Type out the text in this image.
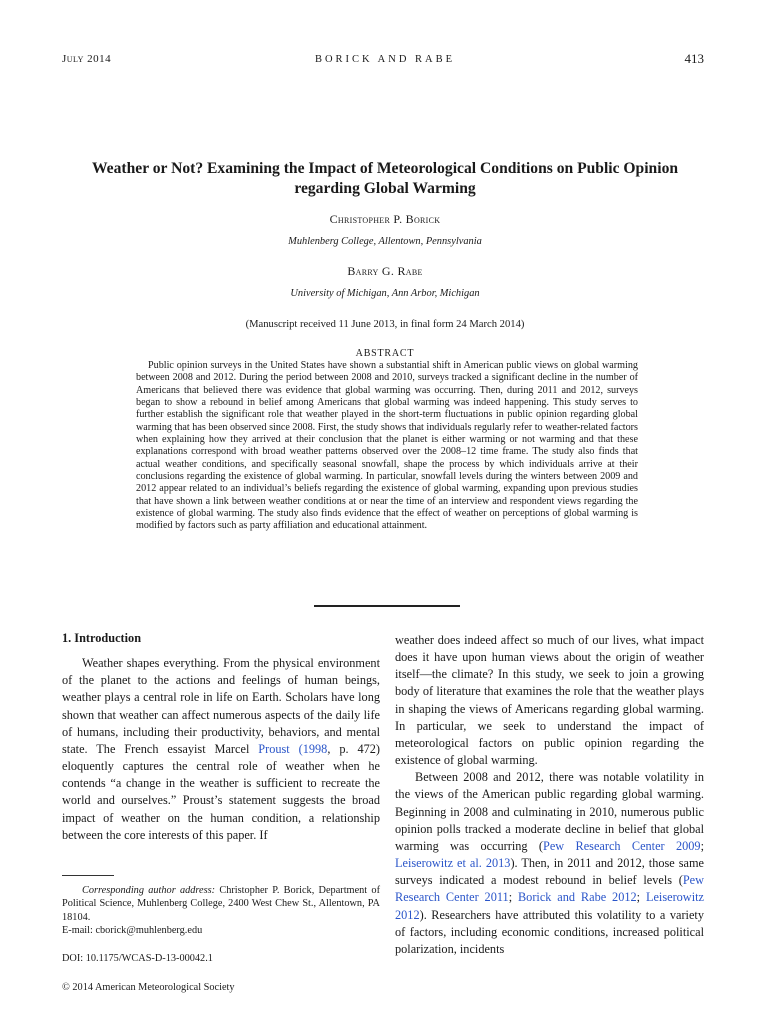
July 2014	BORICK AND RABE	413
Weather or Not? Examining the Impact of Meteorological Conditions on Public Opinion regarding Global Warming
Christopher P. Borick
Muhlenberg College, Allentown, Pennsylvania
Barry G. Rabe
University of Michigan, Ann Arbor, Michigan
(Manuscript received 11 June 2013, in final form 24 March 2014)
ABSTRACT

Public opinion surveys in the United States have shown a substantial shift in American public views on global warming between 2008 and 2012. During the period between 2008 and 2010, surveys tracked a significant decline in the number of Americans that believed there was evidence that global warming was occurring. Then, during 2011 and 2012, surveys began to show a rebound in belief among Americans that global warming was indeed happening. This study serves to further establish the significant role that weather played in the short-term fluctuations in public opinion regarding global warming that has been observed since 2008. First, the study shows that individuals regularly refer to weather-related factors when explaining how they arrived at their conclusion that the planet is either warming or not warming and that these explanations correspond with broad weather patterns observed over the 2008–12 time frame. The study also finds that actual weather conditions, and specifically seasonal snowfall, shape the process by which individuals arrive at their conclusions regarding the existence of global warming. In particular, snowfall levels during the winters between 2009 and 2012 appear related to an individual’s beliefs regarding the existence of global warming, expanding upon previous studies that have shown a link between weather conditions at or near the time of an interview and respondent views regarding the existence of global warming. The study also finds evidence that the effect of weather on perceptions of global warming is modified by factors such as party affiliation and educational attainment.

1. Introduction

Weather shapes everything. From the physical environment of the planet to the actions and feelings of human beings, weather plays a central role in life on Earth. Scholars have long shown that weather can affect numerous aspects of the daily life of humans, including their productivity, behaviors, and mental state. The French essayist Marcel Proust (1998, p. 472) eloquently captures the central role of weather when he contends “a change in the weather is sufficient to recreate the world and ourselves.” Proust’s statement suggests the broad impact of weather on the human condition, a relationship between the core interests of this paper. If

Corresponding author address: Christopher P. Borick, Department of Political Science, Muhlenberg College, 2400 West Chew St., Allentown, PA 18104.
E-mail: cborick@muhlenberg.edu
DOI: 10.1175/WCAS-D-13-00042.1
© 2014 American Meteorological Society

weather does indeed affect so much of our lives, what impact does it have upon human views about the origin of weather itself—the climate? In this study, we seek to join a growing body of literature that examines the role that the weather plays in shaping the views of Americans regarding global warming. In particular, we seek to understand the impact of meteorological factors on public opinion regarding the existence of global warming.

Between 2008 and 2012, there was notable volatility in the views of the American public regarding global warming. Beginning in 2008 and culminating in 2010, numerous public opinion polls tracked a moderate decline in belief that global warming was occurring (Pew Research Center 2009; Leiserowitz et al. 2013). Then, in 2011 and 2012, those same surveys indicated a modest rebound in belief levels (Pew Research Center 2011; Borick and Rabe 2012; Leiserowitz 2012). Researchers have attributed this volatility to a variety of factors, including economic conditions, increased political polarization, incidents
